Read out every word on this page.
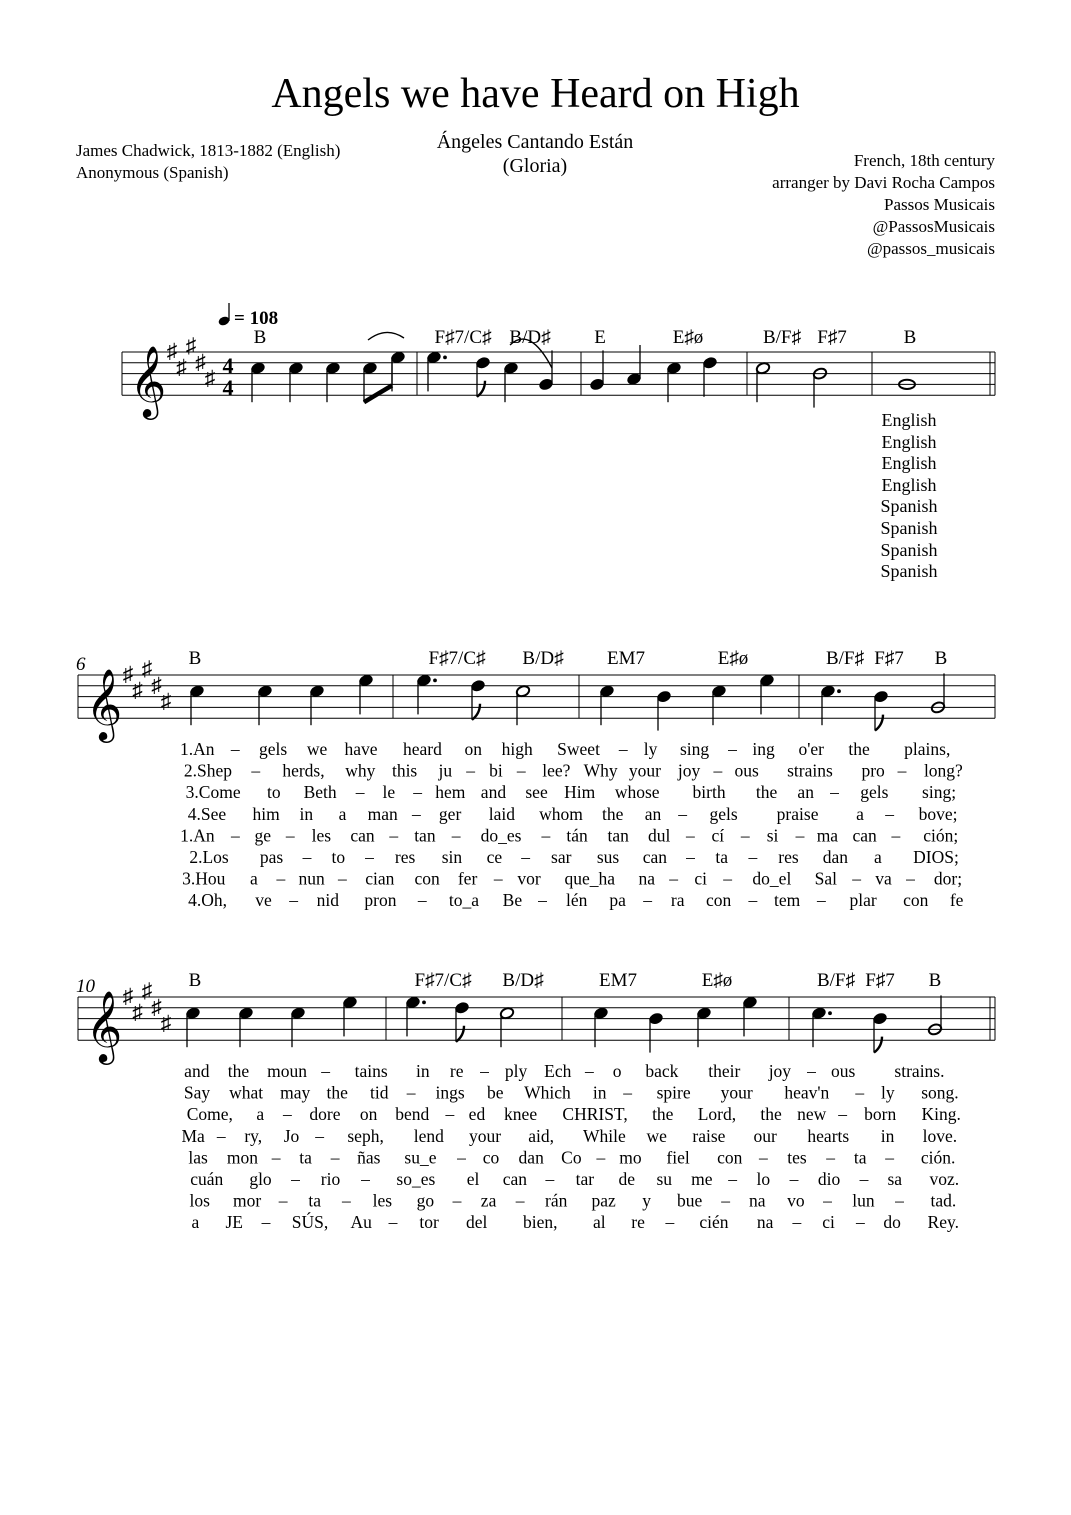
Angels we have Heard on High
James Chadwick, 1813-1882 (English)
Anonymous (Spanish)
Ángeles Cantando Están
(Gloria)	French, 18th century
arranger by Davi Rocha Campos
Passos Musicais
@PassosMusicais
@passos_musicais
English
English
English
English
Spanish
Spanish
Spanish
Spanish
𝄞 ♯
♯
♯
♯
♯ 4
4
B	F♯7/C♯ B/D♯ E	E♯ø	B/F♯ F♯7	B
𝄞 ♯
♯
♯
♯
♯
6	B	F♯7/C♯ B/D♯ EM7	E♯ø	B/F♯ F♯7 B
1.An – gels we have heard on high Sweet – ly sing – ing o'er the plains,
2.Shep – herds, why this ju – bi – lee? Why your joy – ous strains pro – long?
3.Come to Beth – le – hem and see Him whose birth the an – gels sing;
4.See him in a man – ger laid whom the an – gels praise a – bove;
1.An – ge – les can – tan – do_es – tán tan dul – cí – si – ma can – ción;
2.Los pas – to – res sin ce – sar sus can – ta – res dan a DIOS;
3.Hou a – nun – cian con fer – vor que_ha na – ci – do_el Sal – va – dor;
4.Oh, ve – nid pron – to_a Be – lén pa – ra con – tem – plar con fe
𝄞 ♯
♯
♯
♯
♯
10	B	F♯7/C♯ B/D♯	EM7	E♯ø	B/F♯ F♯7 B
and the moun – tains in re – ply Ech – o back their joy – ous strains.
Say what may the tid – ings be Which in – spire your heav'n – ly song.
Come, a – dore on bend – ed knee CHRIST, the Lord, the new – born King.
Ma – ry, Jo – seph, lend your aid, While we raise our hearts in love.
las mon – ta – ñas su_e – co dan Co – mo fiel con – tes – ta – ción.
cuán glo – rio – so_es el can – tar de su me – lo – dio – sa voz.
los mor – ta – les go – za – rán paz y bue – na vo – lun – tad.
a JE – SÚS, Au – tor del bien, al re – cién na – ci – do Rey.
= 108
